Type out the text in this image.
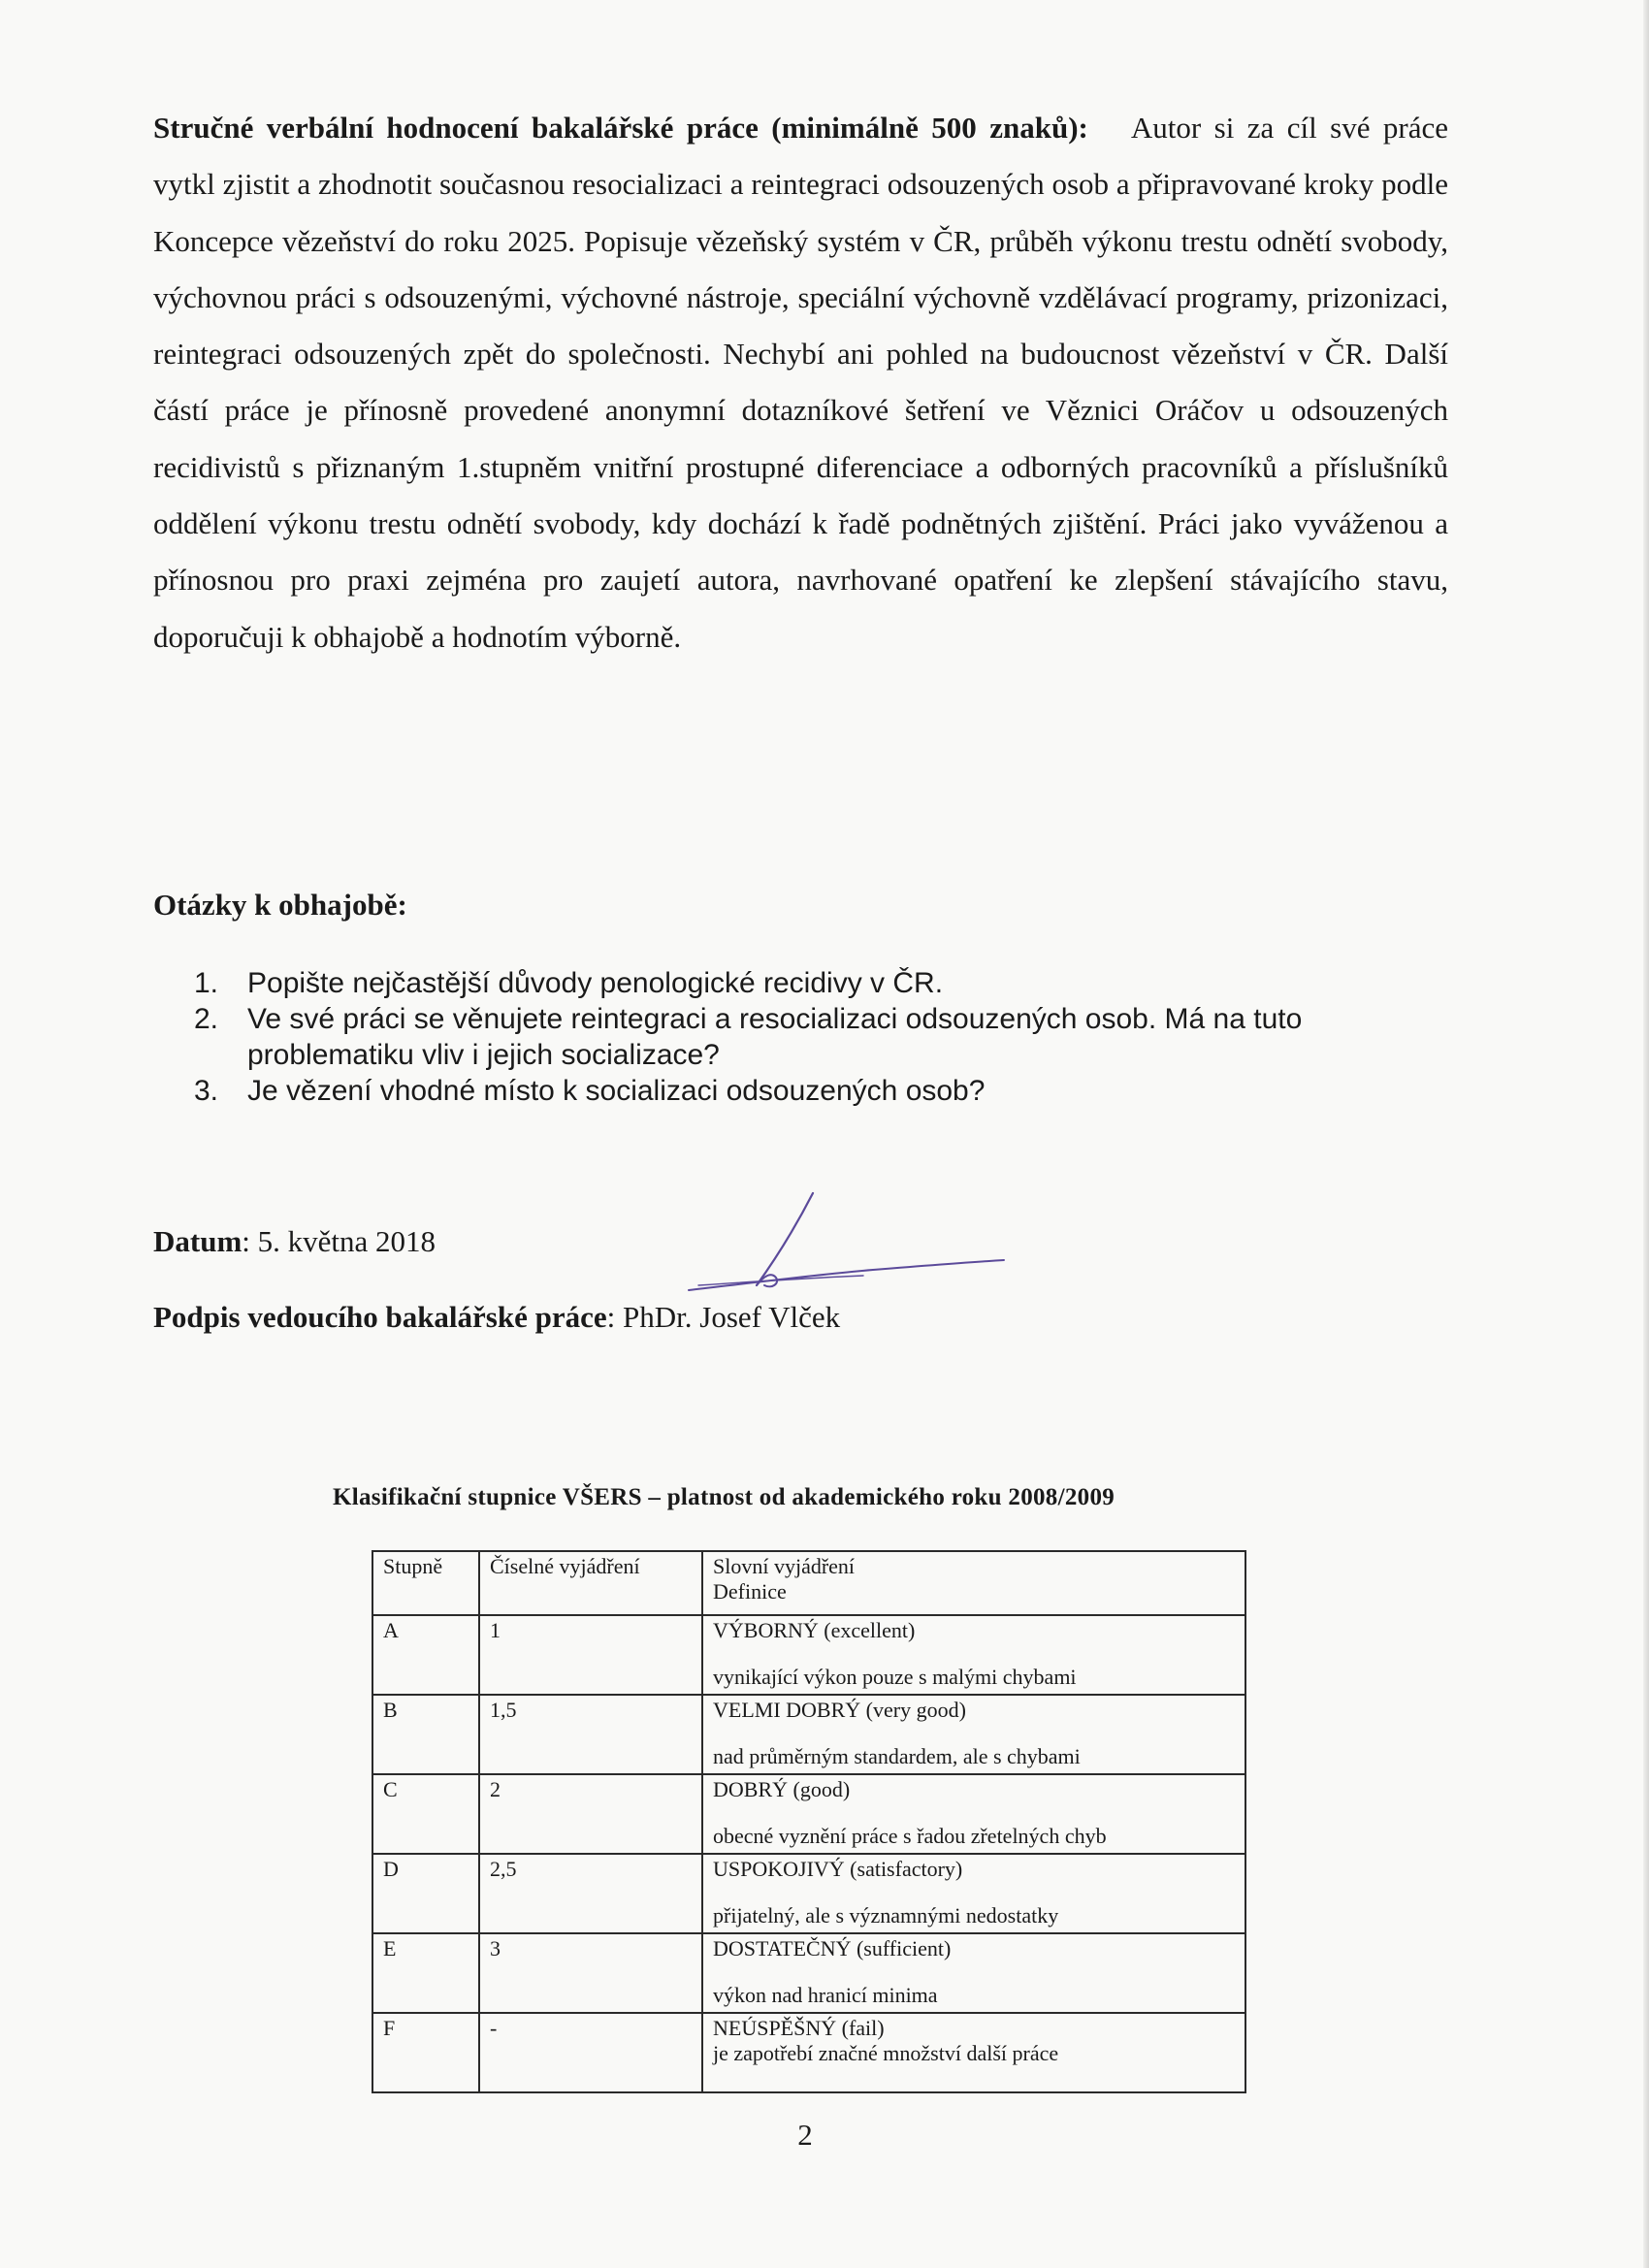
Stručné verbální hodnocení bakalářské práce (minimálně 500 znaků): Autor si za cíl své práce vytkl zjistit a zhodnotit současnou resocializaci a reintegraci odsouzených osob a připravované kroky podle Koncepce vězeňství do roku 2025. Popisuje vězeňský systém v ČR, průběh výkonu trestu odnětí svobody, výchovnou práci s odsouzenými, výchovné nástroje, speciální výchovně vzdělávací programy, prizonizaci, reintegraci odsouzených zpět do společnosti. Nechybí ani pohled na budoucnost vězeňství v ČR. Další částí práce je přínosně provedené anonymní dotazníkové šetření ve Věznici Oráčov u odsouzených recidivistů s přiznaným 1.stupněm vnitřní prostupné diferenciace a odborných pracovníků a příslušníků oddělení výkonu trestu odnětí svobody, kdy dochází k řadě podnětných zjištění. Práci jako vyváženou a přínosnou pro praxi zejména pro zaujetí autora, navrhované opatření ke zlepšení stávajícího stavu, doporučuji k obhajobě a hodnotím výborně.

Otázky k obhajobě:
1. Popište nejčastější důvody penologické recidivy v ČR.
2. Ve své práci se věnujete reintegraci a resocializaci odsouzených osob. Má na tuto problematiku vliv i jejich socializace?
3. Je vězení vhodné místo k socializaci odsouzených osob?
Datum: 5. května 2018
Podpis vedoucího bakalářské práce: PhDr. Josef Vlček
Klasifikační stupnice VŠERS – platnost od akademického roku 2008/2009
Stupně	Číselné vyjádření	Slovní vyjádření
Definice

A	1	VÝBORNÝ (excellent)
vynikající výkon pouze s malými chybami

B	1,5	VELMI DOBRÝ (very good)
nad průměrným standardem, ale s chybami

C	2	DOBRÝ (good)
obecné vyznění práce s řadou zřetelných chyb

D	2,5	USPOKOJIVÝ (satisfactory)
přijatelný, ale s významnými nedostatky

E	3	DOSTATEČNÝ (sufficient)
výkon nad hranicí minima

F	-	NEÚSPĚŠNÝ (fail)
je zapotřebí značné množství další práce
2
